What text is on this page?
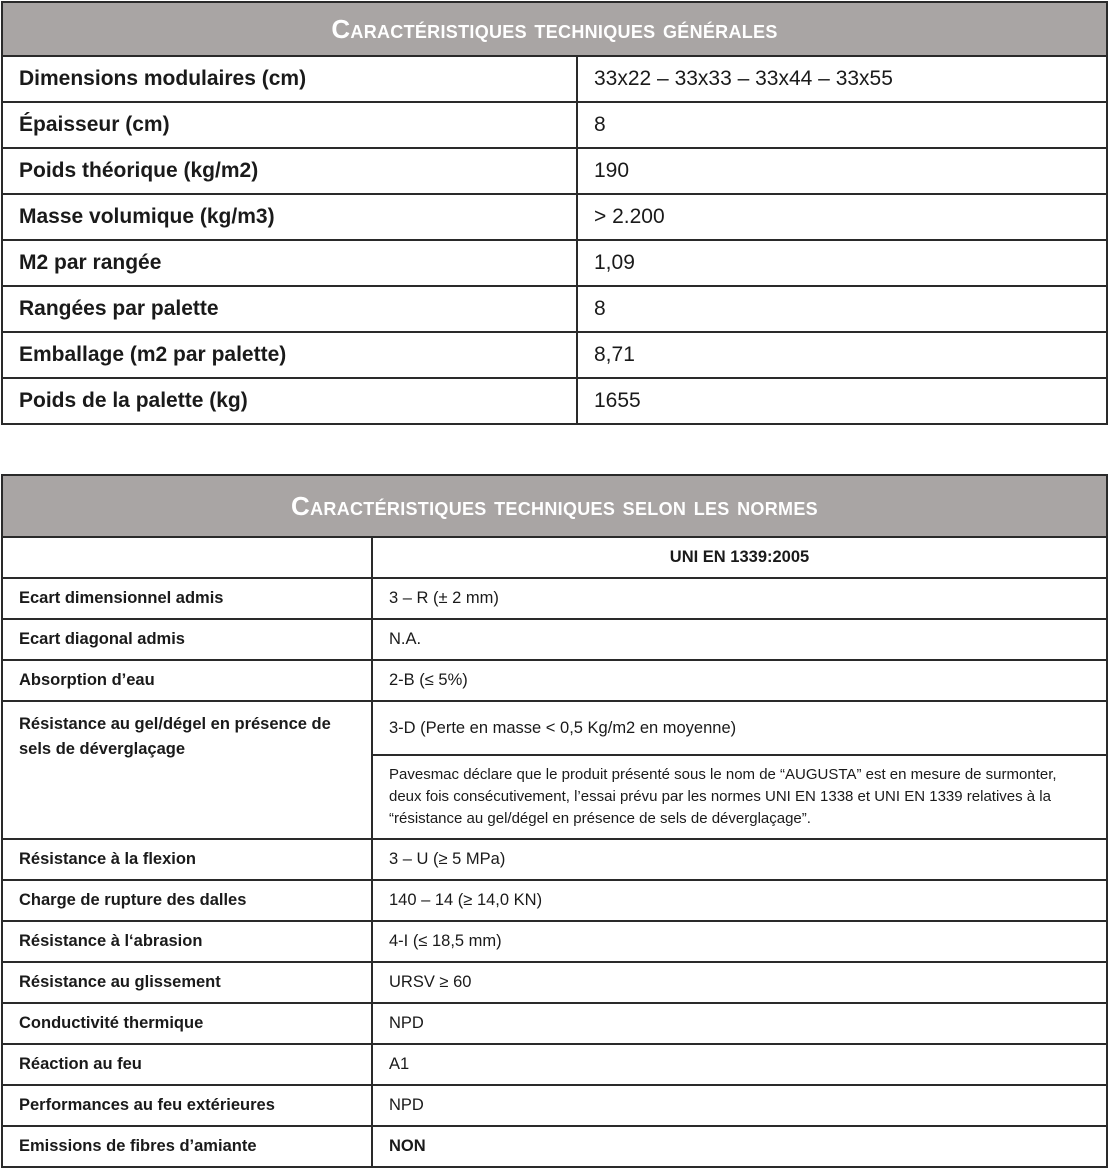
Caractéristiques techniques générales	
Dimensions modulaires (cm)	33x22 – 33x33 – 33x44 – 33x55
Épaisseur (cm)	8
Poids théorique (kg/m2)	190
Masse volumique (kg/m3)	> 2.200
M2 par rangée	1,09
Rangées par palette	8
Emballage (m2 par palette)	8,71
Poids de la palette (kg)	1655
Caractéristiques techniques selon les normes	
	UNI EN 1339:2005
Ecart dimensionnel admis	3 – R (± 2 mm)
Ecart diagonal admis	N.A.
Absorption d’eau	2-B (≤ 5%)
Résistance au gel/dégel en présence de sels de déverglaçage	3-D (Perte en masse < 0,5 Kg/m2 en moyenne)
	Pavesmac déclare que le produit présenté sous le nom de “AUGUSTA” est en mesure de surmonter, deux fois consécutivement, l’essai prévu par les normes UNI EN 1338 et UNI EN 1339 relatives à la “résistance au gel/dégel en présence de sels de déverglaçage”.
Résistance à la flexion	3 – U (≥ 5 MPa)
Charge de rupture des dalles	140 – 14 (≥ 14,0 KN)
Résistance à l‘abrasion	4-I (≤ 18,5 mm)
Résistance au glissement	URSV ≥ 60
Conductivité thermique	NPD
Réaction au feu	A1
Performances au feu extérieures	NPD
Emissions de fibres d’amiante	NON
